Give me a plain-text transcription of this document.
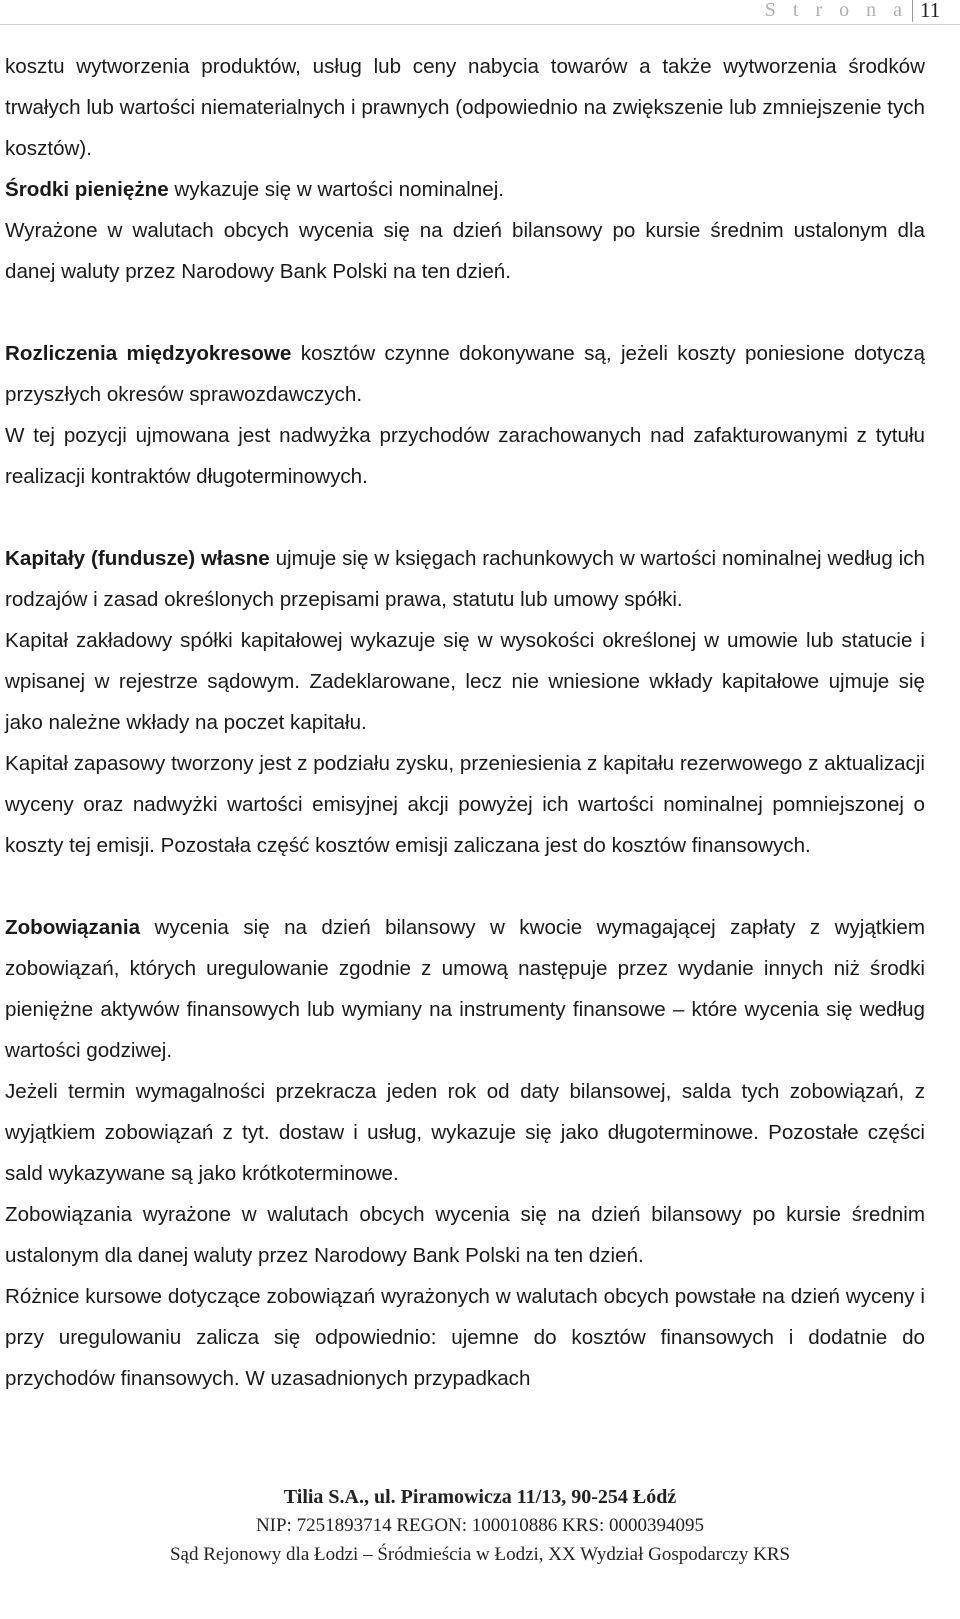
S t r o n a 11

kosztu wytworzenia produktów, usług lub ceny nabycia towarów a także wytworzenia środków trwałych lub wartości niematerialnych i prawnych (odpowiednio na zwiększenie lub zmniejszenie tych kosztów).

Środki pieniężne wykazuje się w wartości nominalnej.

Wyrażone w walutach obcych wycenia się na dzień bilansowy po kursie średnim ustalonym dla danej waluty przez Narodowy Bank Polski na ten dzień.

Rozliczenia międzyokresowe kosztów czynne dokonywane są, jeżeli koszty poniesione dotyczą przyszłych okresów sprawozdawczych.

W tej pozycji ujmowana jest nadwyżka przychodów zarachowanych nad zafakturowanymi z tytułu realizacji kontraktów długoterminowych.

Kapitały (fundusze) własne ujmuje się w księgach rachunkowych w wartości nominalnej według ich rodzajów i zasad określonych przepisami prawa, statutu lub umowy spółki.

Kapitał zakładowy spółki kapitałowej wykazuje się w wysokości określonej w umowie lub statucie i wpisanej w rejestrze sądowym. Zadeklarowane, lecz nie wniesione wkłady kapitałowe ujmuje się jako należne wkłady na poczet kapitału.

Kapitał zapasowy tworzony jest z podziału zysku, przeniesienia z kapitału rezerwowego z aktualizacji wyceny oraz nadwyżki wartości emisyjnej akcji powyżej ich wartości nominalnej pomniejszonej o koszty tej emisji. Pozostała część kosztów emisji zaliczana jest do kosztów finansowych.

Zobowiązania wycenia się na dzień bilansowy w kwocie wymagającej zapłaty z wyjątkiem zobowiązań, których uregulowanie zgodnie z umową następuje przez wydanie innych niż środki pieniężne aktywów finansowych lub wymiany na instrumenty finansowe – które wycenia się według wartości godziwej.

Jeżeli termin wymagalności przekracza jeden rok od daty bilansowej, salda tych zobowiązań, z wyjątkiem zobowiązań z tyt. dostaw i usług, wykazuje się jako długoterminowe. Pozostałe części sald wykazywane są jako krótkoterminowe.

Zobowiązania wyrażone w walutach obcych wycenia się na dzień bilansowy po kursie średnim ustalonym dla danej waluty przez Narodowy Bank Polski na ten dzień.

Różnice kursowe dotyczące zobowiązań wyrażonych w walutach obcych powstałe na dzień wyceny i przy uregulowaniu zalicza się odpowiednio: ujemne do kosztów finansowych i dodatnie do przychodów finansowych. W uzasadnionych przypadkach

Tilia S.A., ul. Piramowicza 11/13, 90-254 Łódź
NIP: 7251893714 REGON: 100010886 KRS: 0000394095
Sąd Rejonowy dla Łodzi – Śródmieścia w Łodzi, XX Wydział Gospodarczy KRS
